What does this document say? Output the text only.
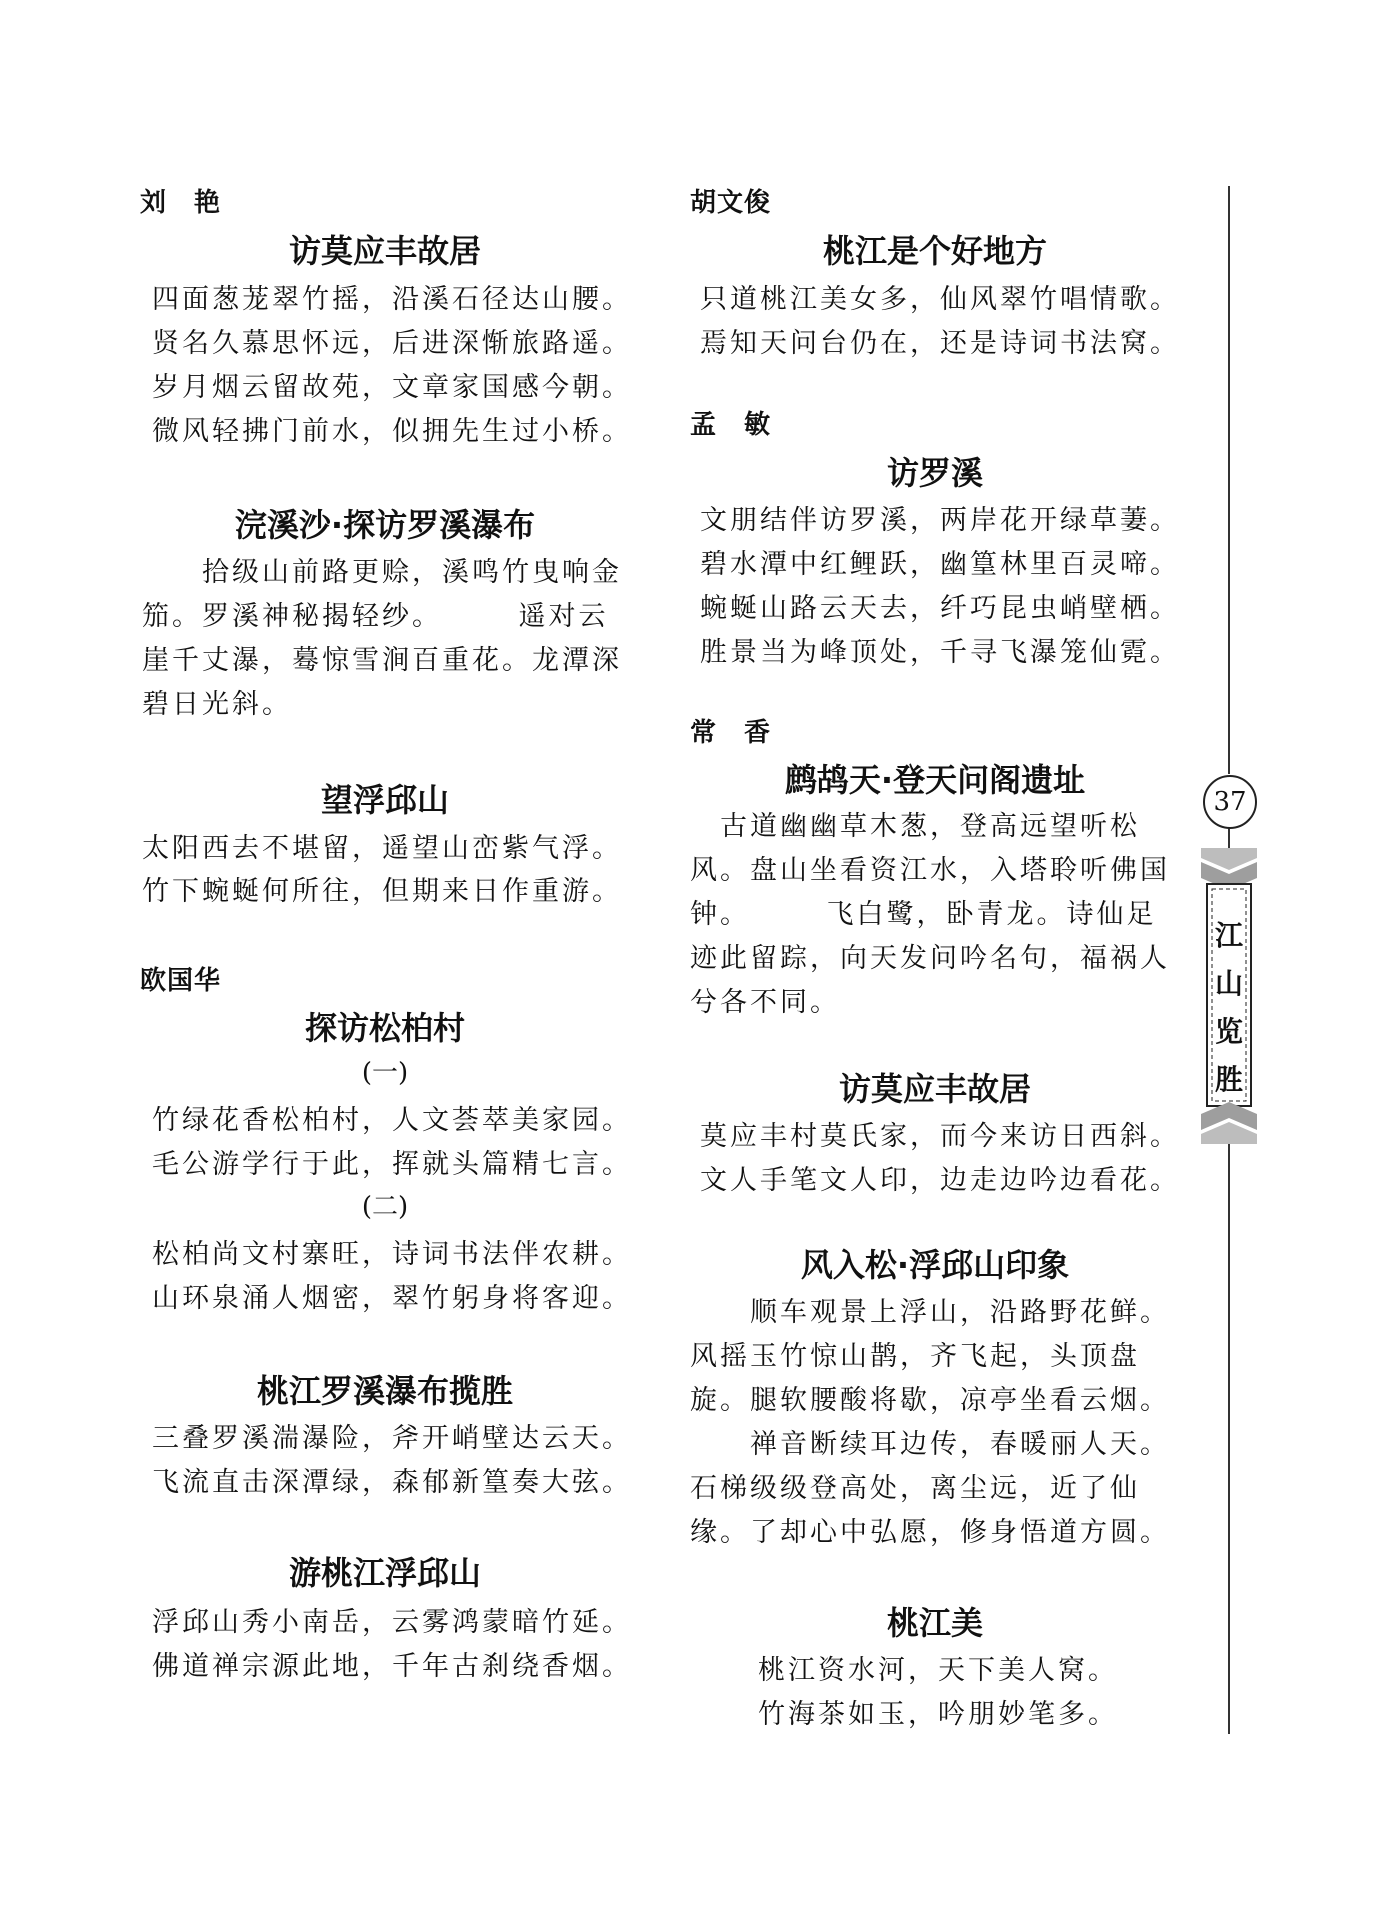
刘　艳
访莫应丰故居
四面葱茏翠竹摇，沿溪石径达山腰。
贤名久慕思怀远，后进深惭旅路遥。
岁月烟云留故苑，文章家国感今朝。
微风轻拂门前水，似拥先生过小桥。
浣溪沙·探访罗溪瀑布
　　拾级山前路更赊，溪鸣竹曳响金
笳。罗溪神秘揭轻纱。　　　遥对云
崖千丈瀑，蓦惊雪涧百重花。龙潭深
碧日光斜。
望浮邱山
太阳西去不堪留，遥望山峦紫气浮。
竹下蜿蜒何所往，但期来日作重游。
欧国华
探访松柏村
(一)
竹绿花香松柏村，人文荟萃美家园。
毛公游学行于此，挥就头篇精七言。
(二)
松柏尚文村寨旺，诗词书法伴农耕。
山环泉涌人烟密，翠竹躬身将客迎。
桃江罗溪瀑布揽胜
三叠罗溪湍瀑险，斧开峭壁达云天。
飞流直击深潭绿，森郁新篁奏大弦。
游桃江浮邱山
浮邱山秀小南岳，云雾鸿蒙暗竹延。
佛道禅宗源此地，千年古刹绕香烟。
胡文俊
桃江是个好地方
只道桃江美女多，仙风翠竹唱情歌。
焉知天问台仍在，还是诗词书法窝。
孟　敏
访罗溪
文朋结伴访罗溪，两岸花开绿草萋。
碧水潭中红鲤跃，幽篁林里百灵啼。
蜿蜒山路云天去，纤巧昆虫峭壁栖。
胜景当为峰顶处，千寻飞瀑笼仙霓。
常　香
鹧鸪天·登天问阁遗址
　古道幽幽草木葱，登高远望听松
风。盘山坐看资江水，入塔聆听佛国
钟。　　　飞白鹭，卧青龙。诗仙足
迹此留踪，向天发问吟名句，福祸人
兮各不同。
访莫应丰故居
莫应丰村莫氏家，而今来访日西斜。
文人手笔文人印，边走边吟边看花。
风入松·浮邱山印象
　　顺车观景上浮山，沿路野花鲜。
风摇玉竹惊山鹊，齐飞起，头顶盘
旋。腿软腰酸将歇，凉亭坐看云烟。
　　禅音断续耳边传，春暖丽人天。
石梯级级登高处，离尘远，近了仙
缘。了却心中弘愿，修身悟道方圆。
桃江美
桃江资水河，天下美人窝。
竹海茶如玉，吟朋妙笔多。
37
江
山
览
胜
